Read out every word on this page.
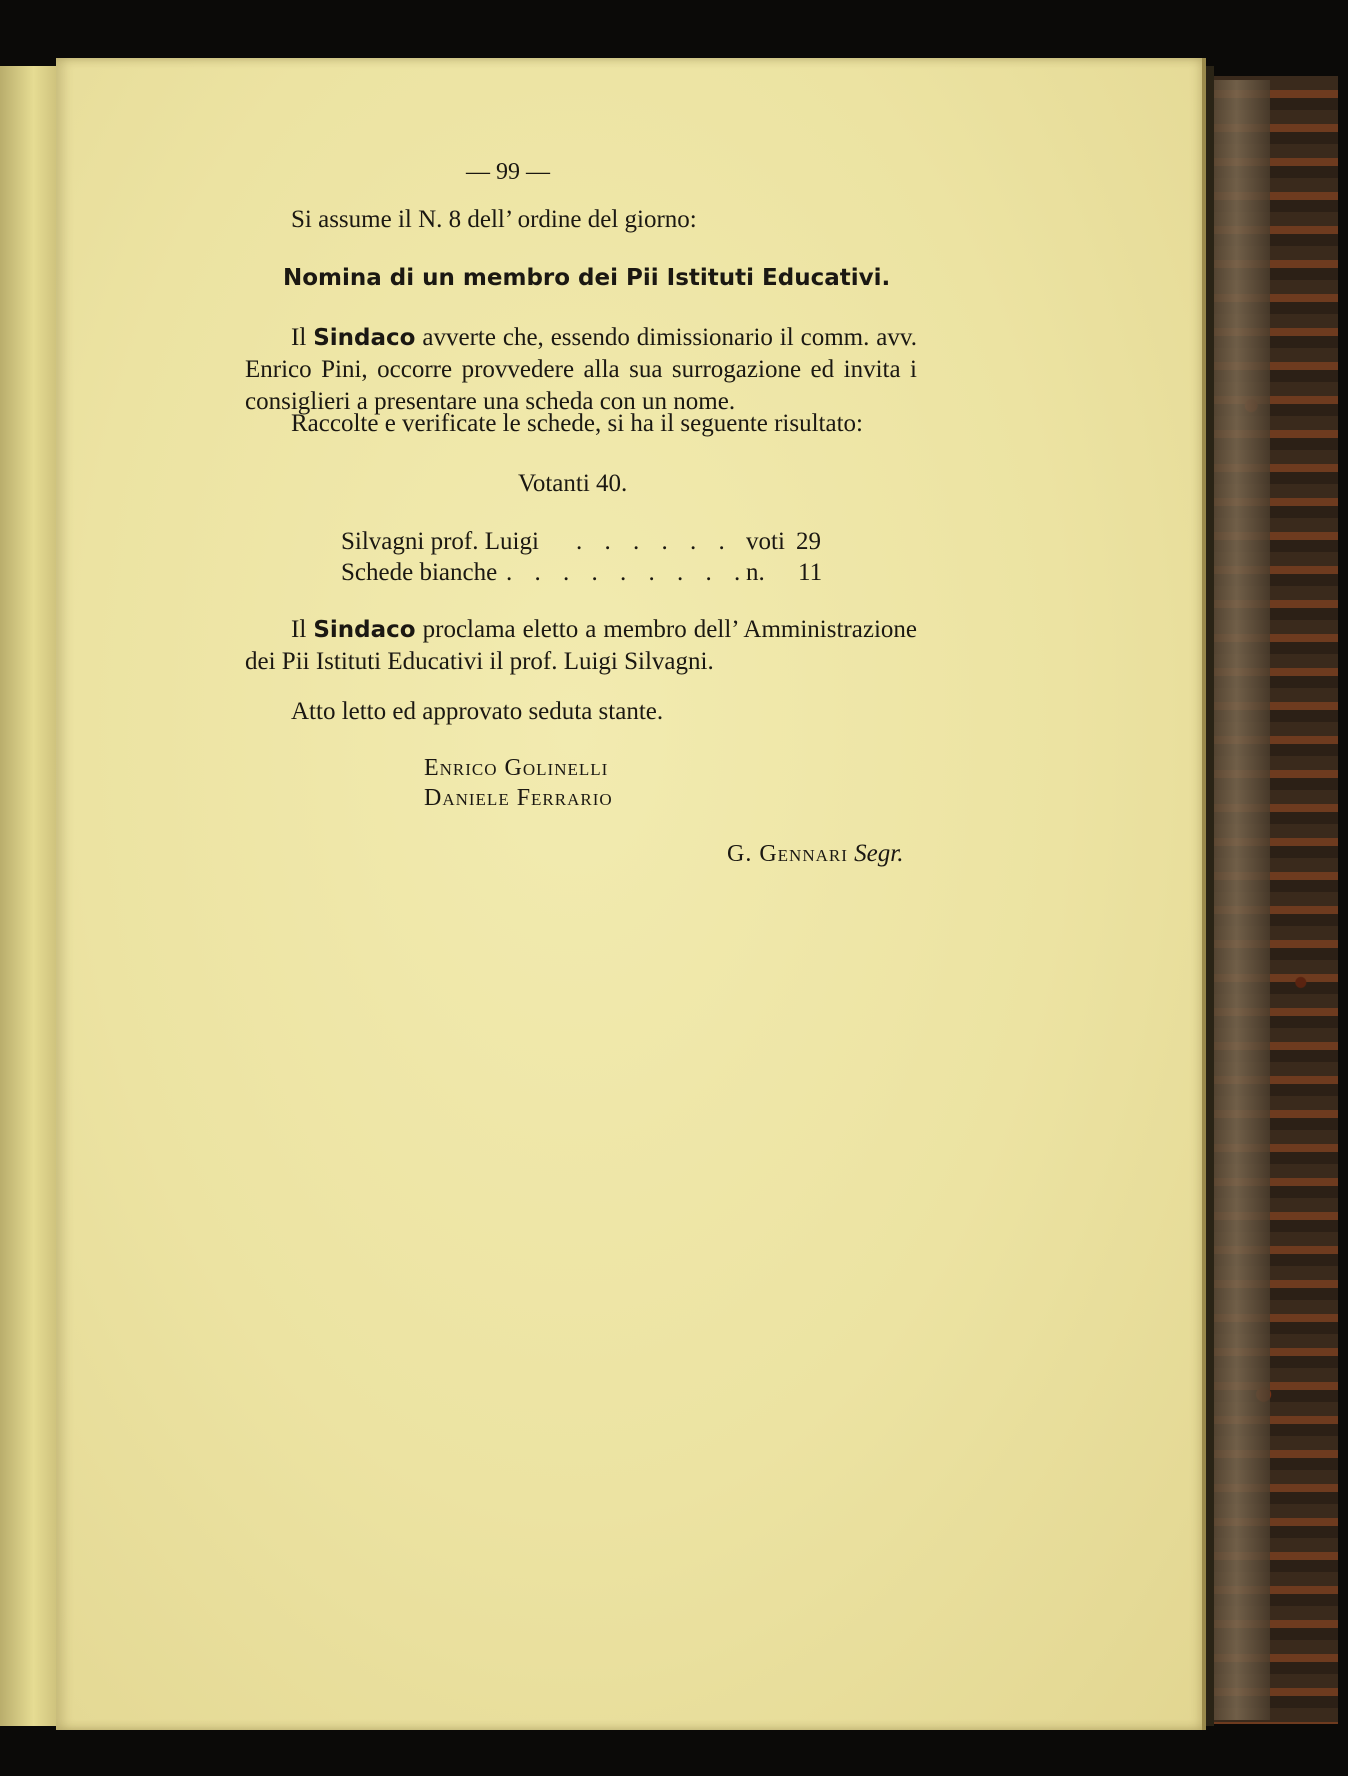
— 99 —
Si assume il N. 8 dell’ ordine del giorno:
Nomina di un membro dei Pii Istituti Educativi.
Il Sindaco avverte che, essendo dimissionario il comm. avv. Enrico Pini, occorre provvedere alla sua surrogazione ed invita i consiglieri a presentare una scheda con un nome.
Raccolte e verificate le schede, si ha il seguente risultato:
Votanti 40.
Silvagni prof. Luigi . . . . . . voti 29
Schede bianche . . . . . . . . .
n. 11
Il Sindaco proclama eletto a membro dell’ Amministrazione dei Pii Istituti Educativi il prof. Luigi Silvagni.
Atto letto ed approvato seduta stante.
Enrico Golinelli
Daniele Ferrario
G. Gennari Segr.
